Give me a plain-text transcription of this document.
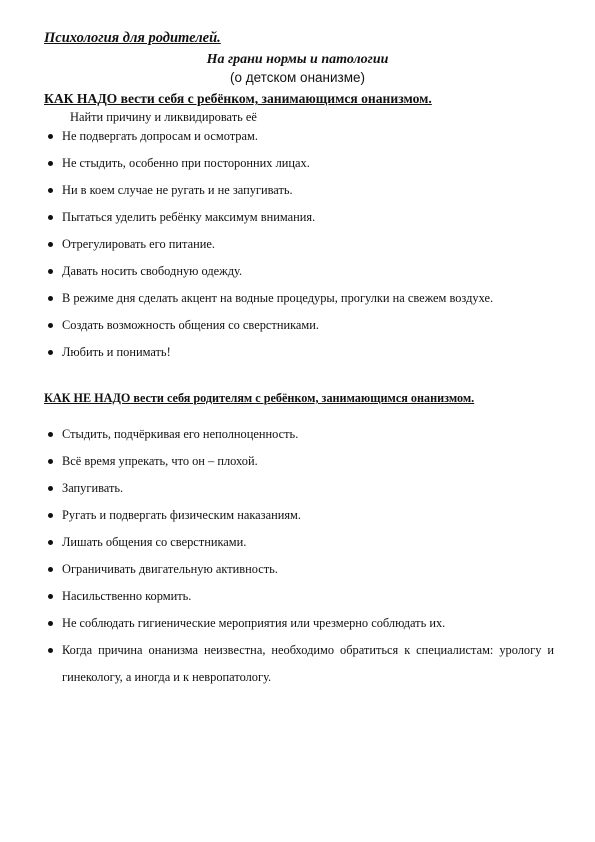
Психология для родителей.
На грани нормы и патологии
(о детском онанизме)
КАК НАДО вести себя с ребёнком, занимающимся онанизмом.
Найти причину и ликвидировать её
Не подвергать допросам и осмотрам.
Не стыдить, особенно при посторонних лицах.
Ни в коем случае не ругать и не запугивать.
Пытаться уделить ребёнку максимум внимания.
Отрегулировать его питание.
Давать носить свободную одежду.
В режиме дня сделать акцент на водные процедуры, прогулки на свежем воздухе.
Создать возможность общения со сверстниками.
Любить и понимать!
КАК НЕ НАДО вести себя родителям с ребёнком, занимающимся онанизмом.
Стыдить, подчёркивая его неполноценность.
Всё время упрекать, что он – плохой.
Запугивать.
Ругать и подвергать физическим наказаниям.
Лишать общения со сверстниками.
Ограничивать двигательную активность.
Насильственно кормить.
Не соблюдать гигиенические мероприятия или чрезмерно соблюдать их.
Когда причина онанизма неизвестна, необходимо обратиться к специалистам: урологу и гинекологу, а иногда и к невропатологу.
